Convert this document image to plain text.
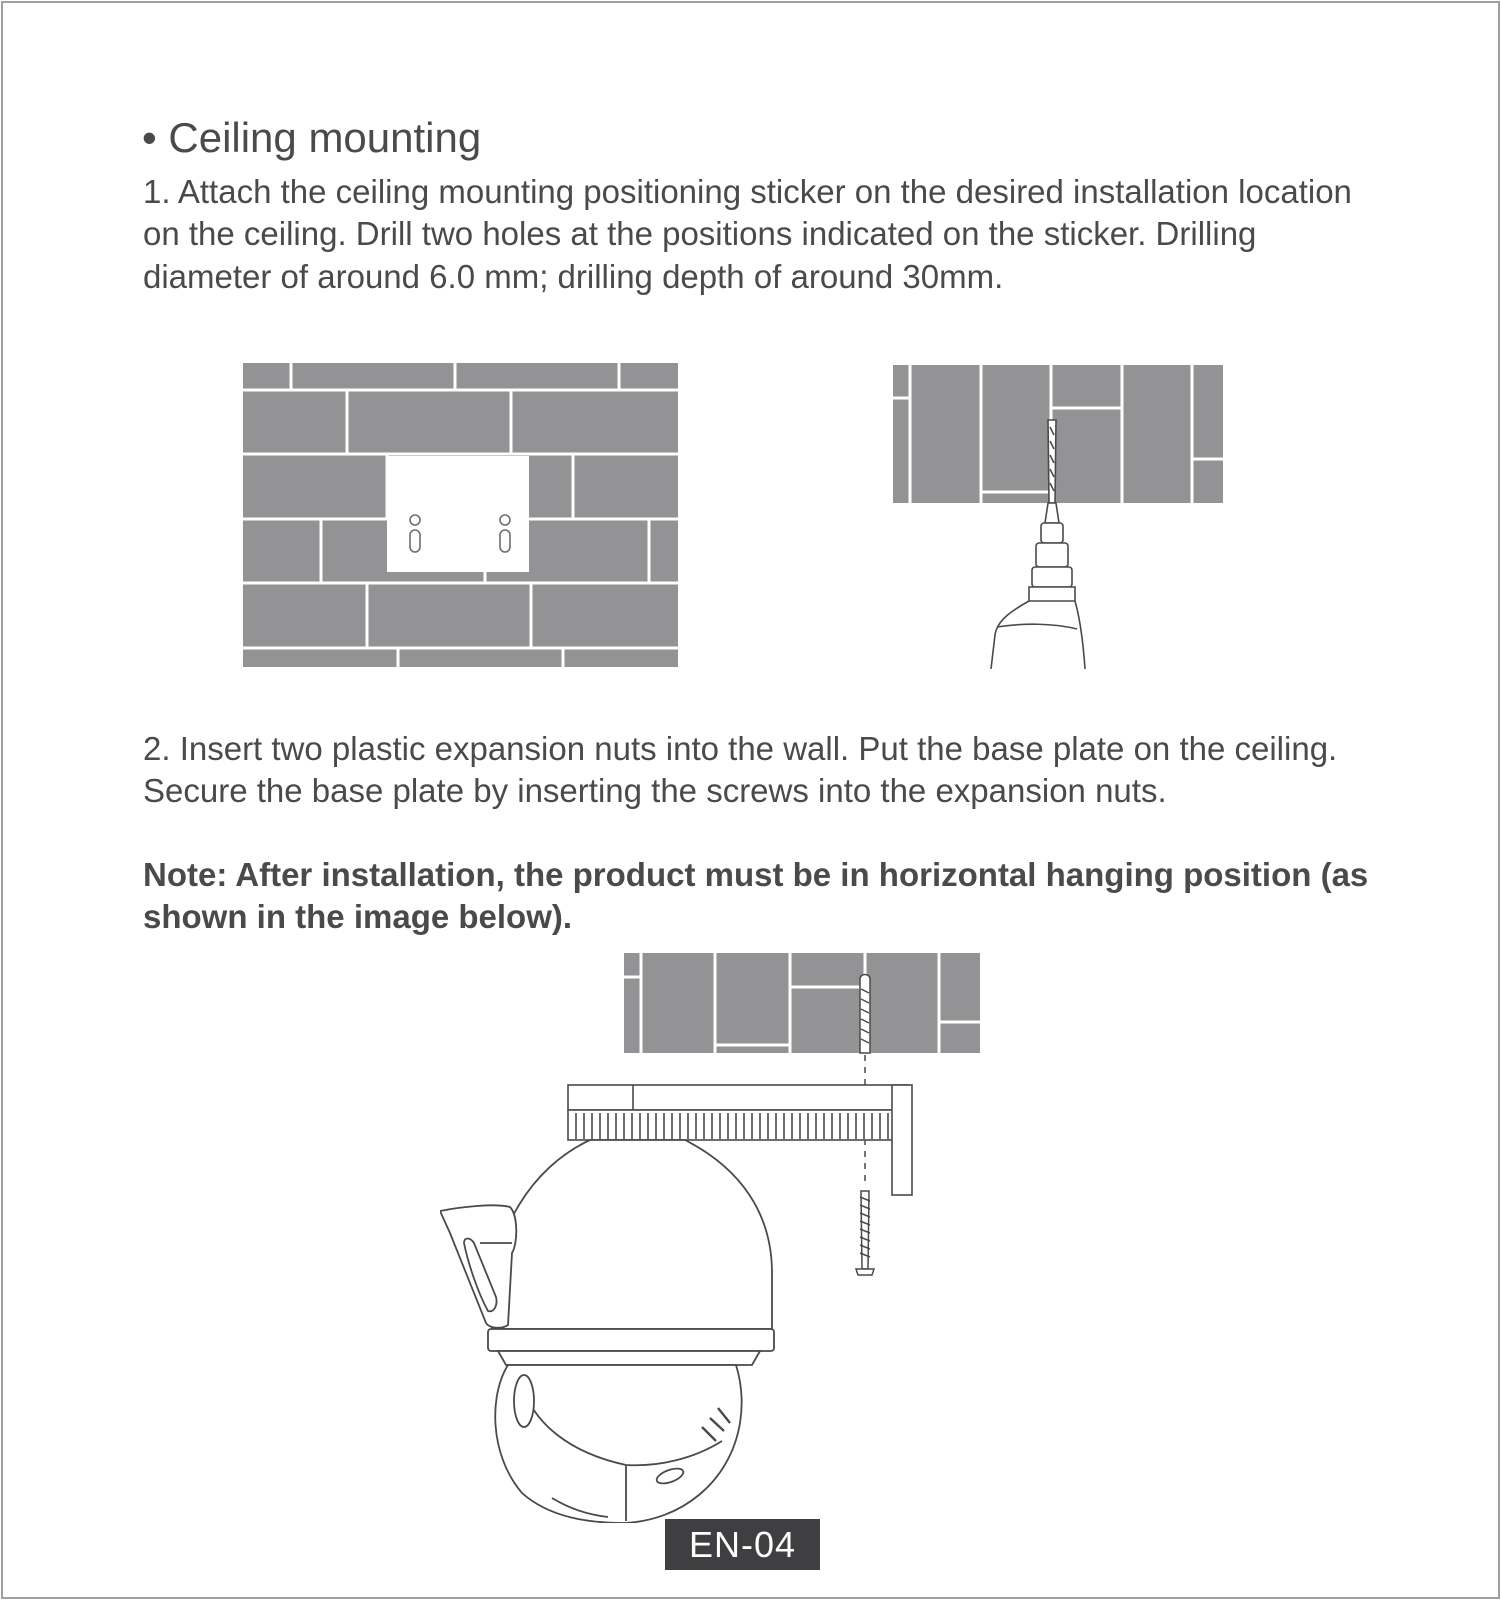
• Ceiling mounting

1. Attach the ceiling mounting positioning sticker on the desired installation location on the ceiling. Drill two holes at the positions indicated on the sticker. Drilling diameter of around 6.0 mm; drilling depth of around 30mm.

2. Insert two plastic expansion nuts into the wall. Put the base plate on the ceiling. Secure the base plate by inserting the screws into the expansion nuts.

Note: After installation, the product must be in horizontal hanging position (as shown in the image below).

EN-04
